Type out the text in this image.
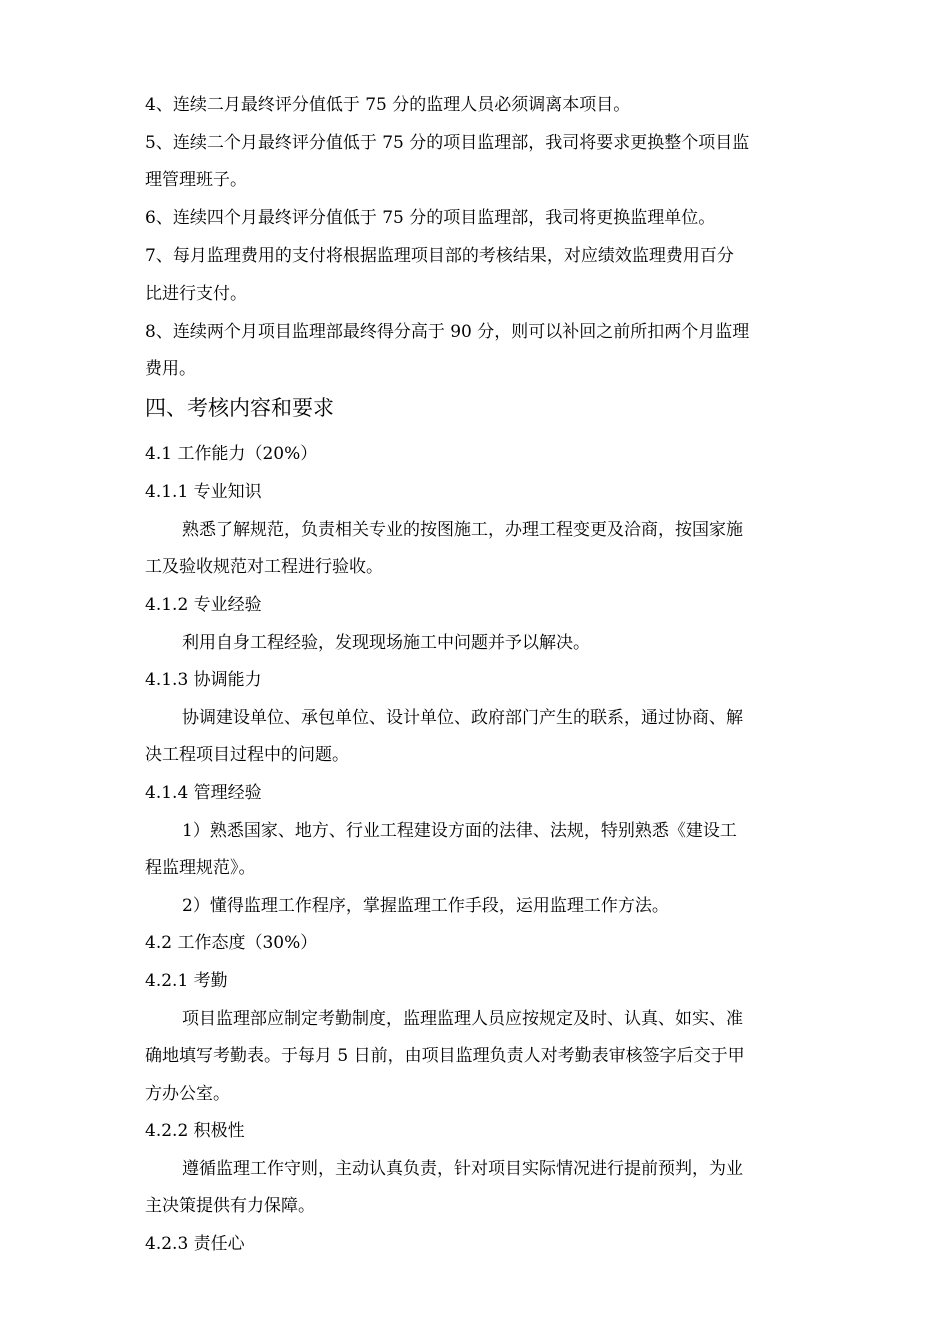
4、连续二月最终评分值低于 75 分的监理人员必须调离本项目。
5、连续二个月最终评分值低于 75 分的项目监理部，我司将要求更换整个项目监
理管理班子。
6、连续四个月最终评分值低于 75 分的项目监理部，我司将更换监理单位。
7、每月监理费用的支付将根据监理项目部的考核结果，对应绩效监理费用百分
比进行支付。
8、连续两个月项目监理部最终得分高于 90 分，则可以补回之前所扣两个月监理
费用。
四、考核内容和要求
4.1 工作能力（20%）
4.1.1 专业知识
熟悉了解规范，负责相关专业的按图施工，办理工程变更及洽商，按国家施
工及验收规范对工程进行验收。
4.1.2 专业经验
利用自身工程经验，发现现场施工中问题并予以解决。
4.1.3 协调能力
协调建设单位、承包单位、设计单位、政府部门产生的联系，通过协商、解
决工程项目过程中的问题。
4.1.4 管理经验
1）熟悉国家、地方、行业工程建设方面的法律、法规，特别熟悉《建设工
程监理规范》。
2）懂得监理工作程序，掌握监理工作手段，运用监理工作方法。
4.2 工作态度（30%）
4.2.1 考勤
项目监理部应制定考勤制度，监理监理人员应按规定及时、认真、如实、准
确地填写考勤表。于每月 5 日前，由项目监理负责人对考勤表审核签字后交于甲
方办公室。
4.2.2 积极性
遵循监理工作守则，主动认真负责，针对项目实际情况进行提前预判，为业
主决策提供有力保障。
4.2.3 责任心
